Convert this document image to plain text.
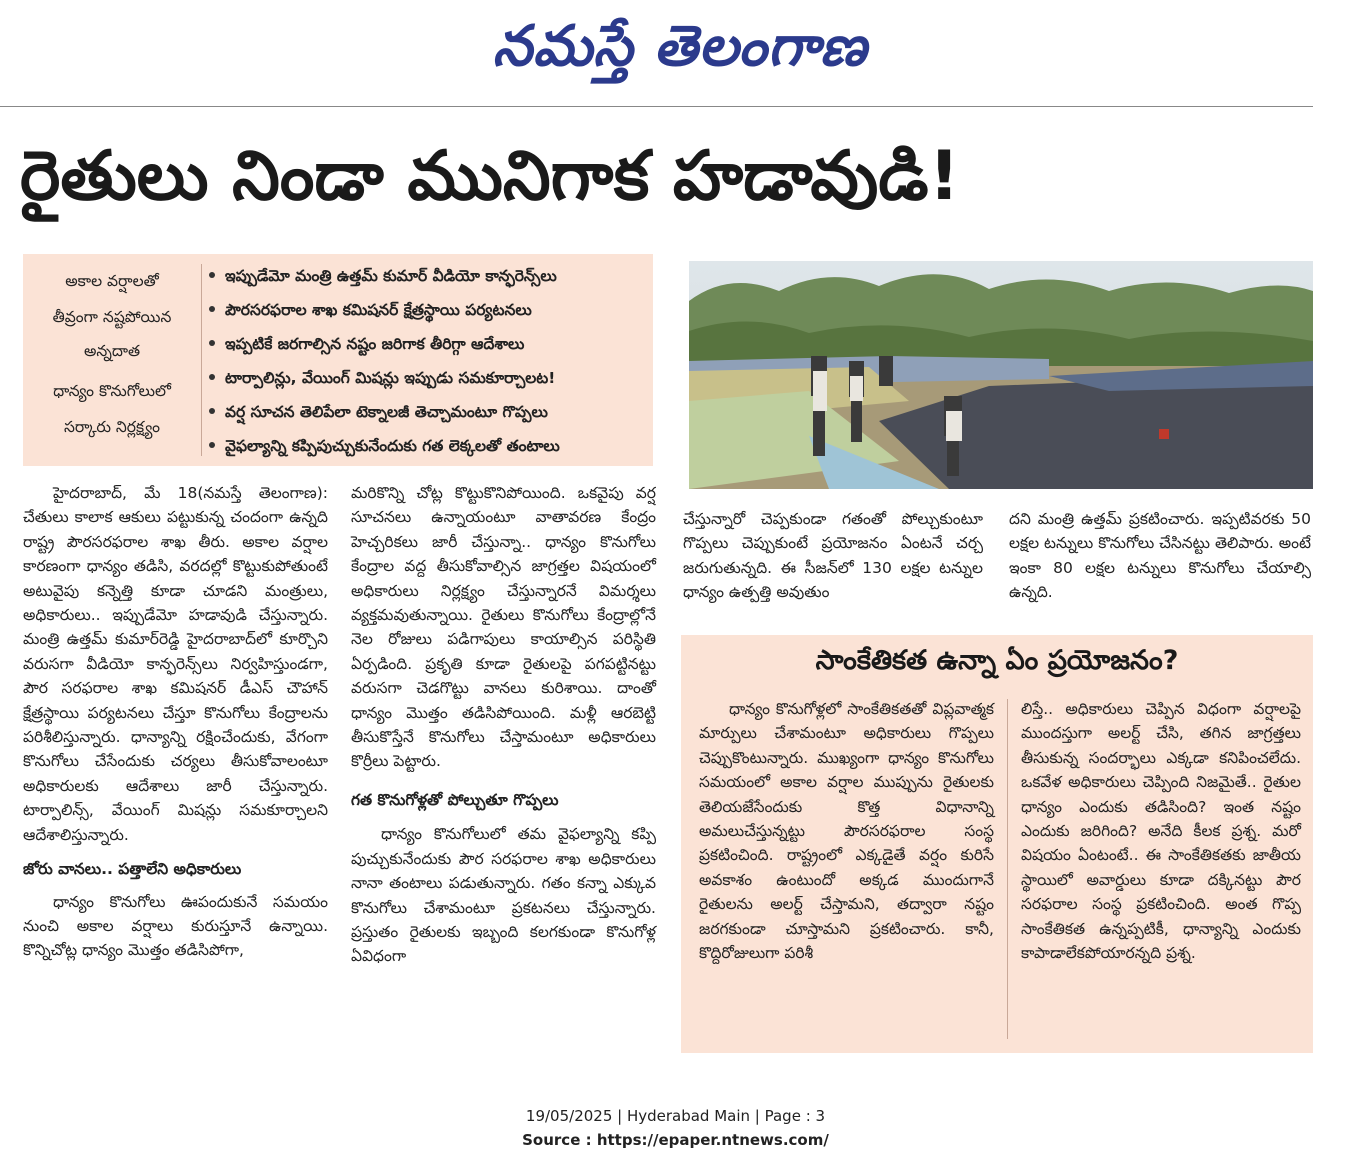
నమస్తే తెలంగాణ
రైతులు నిండా మునిగాక హడావుడి!
అకాల వర్షాలతో
తీవ్రంగా నష్టపోయిన
అన్నదాత
ధాన్యం కొనుగోలులో
సర్కారు నిర్లక్ష్యం
ఇప్పుడేమో మంత్రి ఉత్తమ్ కుమార్ వీడియో కాన్ఫరెన్స్‌లు
పౌరసరఫరాల శాఖ కమిషనర్ క్షేత్రస్థాయి పర్యటనలు
ఇప్పటికే జరగాల్సిన నష్టం జరిగాక తీరిగ్గా ఆదేశాలు
టార్పాలిన్లు, వేయింగ్ మిషన్లు ఇప్పుడు సమకూర్చాలట!
వర్ష సూచన తెలిపేలా టెక్నాలజీ తెచ్చామంటూ గొప్పలు
వైఫల్యాన్ని కప్పిపుచ్చుకునేందుకు గత లెక్కలతో తంటాలు

హైదరాబాద్, మే 18(నమస్తే తెలంగాణ): చేతులు కాలాక ఆకులు పట్టుకున్న చందంగా ఉన్నది రాష్ట్ర పౌరసరఫరాల శాఖ తీరు. అకాల వర్షాల కారణంగా ధాన్యం తడిసి, వరదల్లో కొట్టుకుపోతుంటే అటువైపు కన్నెత్తి కూడా చూడని మంత్రులు, అధికారులు.. ఇప్పుడేమో హడావుడి చేస్తున్నారు. మంత్రి ఉత్తమ్ కుమార్‌రెడ్డి హైదరాబాద్‌లో కూర్చొని వరుసగా వీడియో కాన్ఫరెన్స్‌లు నిర్వహిస్తుండగా, పౌర సరఫరాల శాఖ కమిషనర్ డీఎస్ చౌహాన్ క్షేత్రస్థాయి పర్యటనలు చేస్తూ కొనుగోలు కేంద్రాలను పరిశీలిస్తున్నారు. ధాన్యాన్ని రక్షించేందుకు, వేగంగా కొనుగోలు చేసేందుకు చర్యలు తీసుకోవాలంటూ అధికారులకు ఆదేశాలు జారీ చేస్తున్నారు. టార్పాలిన్స్, వేయింగ్ మిషన్లు సమకూర్చాలని ఆదేశాలిస్తున్నారు.

జోరు వానలు.. పత్తాలేని అధికారులు

ధాన్యం కొనుగోలు ఊపందుకునే సమయం నుంచి అకాల వర్షాలు కురుస్తూనే ఉన్నాయి. కొన్నిచోట్ల ధాన్యం మొత్తం తడిసిపోగా,

మరికొన్ని చోట్ల కొట్టుకొనిపోయింది. ఒకవైపు వర్ష సూచనలు ఉన్నాయంటూ వాతావరణ కేంద్రం హెచ్చరికలు జారీ చేస్తున్నా.. ధాన్యం కొనుగోలు కేంద్రాల వద్ద తీసుకోవాల్సిన జాగ్రత్తల విషయంలో అధికారులు నిర్లక్ష్యం చేస్తున్నారనే విమర్శలు వ్యక్తమవుతున్నాయి. రైతులు కొనుగోలు కేంద్రాల్లోనే నెల రోజులు పడిగాపులు కాయాల్సిన పరిస్థితి ఏర్పడింది. ప్రకృతి కూడా రైతులపై పగపట్టినట్టు వరుసగా చెడగొట్టు వానలు కురిశాయి. దాంతో ధాన్యం మొత్తం తడిసిపోయింది. మళ్లీ ఆరబెట్టి తీసుకొస్తేనే కొనుగోలు చేస్తామంటూ అధికారులు కొర్రీలు పెట్టారు.

గత కొనుగోళ్లతో పోల్చుతూ గొప్పలు

ధాన్యం కొనుగోలులో తమ వైఫల్యాన్ని కప్పి పుచ్చుకునేందుకు పౌర సరఫరాల శాఖ అధికారులు నానా తంటాలు పడుతున్నారు. గతం కన్నా ఎక్కువ కొనుగోలు చేశామంటూ ప్రకటనలు చేస్తున్నారు. ప్రస్తుతం రైతులకు ఇబ్బంది కలగకుండా కొనుగోళ్ల ఏవిధంగా

చేస్తున్నారో చెప్పకుండా గతంతో పోల్చుకుంటూ గొప్పలు చెప్పుకుంటే ప్రయోజనం ఏంటనే చర్చ జరుగుతున్నది. ఈ సీజన్‌లో 130 లక్షల టన్నుల ధాన్యం ఉత్పత్తి అవుతుం

దని మంత్రి ఉత్తమ్ ప్రకటించారు. ఇప్పటివరకు 50 లక్షల టన్నులు కొనుగోలు చేసినట్టు తెలిపారు. అంటే ఇంకా 80 లక్షల టన్నులు కొనుగోలు చేయాల్సి ఉన్నది.

సాంకేతికత ఉన్నా ఏం ప్రయోజనం?

ధాన్యం కొనుగోళ్లలో సాంకేతికతతో విప్లవాత్మక మార్పులు చేశామంటూ అధికారులు గొప్పలు చెప్పుకొంటున్నారు. ముఖ్యంగా ధాన్యం కొనుగోలు సమయంలో అకాల వర్షాల ముప్పును రైతులకు తెలియజేసేందుకు కొత్త విధానాన్ని అమలుచేస్తున్నట్టు పౌరసరఫరాల సంస్థ ప్రకటించింది. రాష్ట్రంలో ఎక్కడైతే వర్షం కురిసే అవకాశం ఉంటుందో అక్కడ ముందుగానే రైతులను అలర్ట్ చేస్తామని, తద్వారా నష్టం జరగకుండా చూస్తామని ప్రకటించారు. కానీ, కొద్దిరోజులుగా పరిశీ

లిస్తే.. అధికారులు చెప్పిన విధంగా వర్షాలపై ముందస్తుగా అలర్ట్ చేసి, తగిన జాగ్రత్తలు తీసుకున్న సందర్భాలు ఎక్కడా కనిపించలేదు. ఒకవేళ అధికారులు చెప్పింది నిజమైతే.. రైతుల ధాన్యం ఎందుకు తడిసింది? ఇంత నష్టం ఎందుకు జరిగింది? అనేది కీలక ప్రశ్న. మరో విషయం ఏంటంటే.. ఈ సాంకేతికతకు జాతీయ స్థాయిలో అవార్డులు కూడా దక్కినట్టు పౌర సరఫరాల సంస్థ ప్రకటించింది. అంత గొప్ప సాంకేతికత ఉన్నప్పటికీ, ధాన్యాన్ని ఎందుకు కాపాడాలేకపోయారన్నది ప్రశ్న.

19/05/2025 | Hyderabad Main | Page : 3
Source : https://epaper.ntnews.com/
